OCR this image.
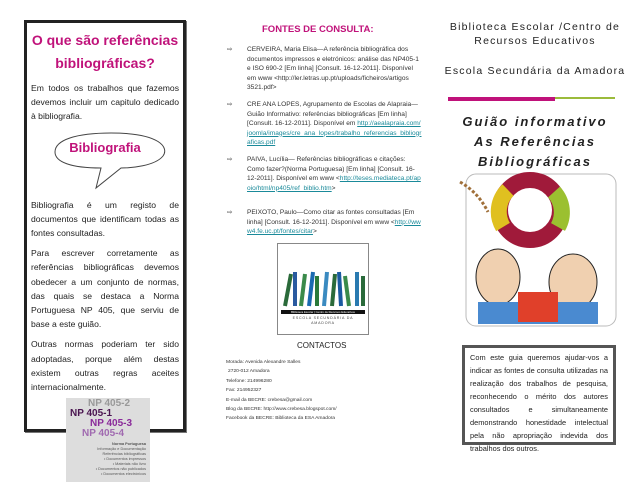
O que são referências bibliográficas?

Em todos os trabalhos que fazemos devemos incluir um capitulo dedicado à bibliografia.

Bibliografia

Bibliografia é um registo de documentos que identificam todas as fontes consultadas.

Para escrever corretamente as referências bibliográficas devemos obedecer a um conjunto de normas, das quais se destaca a Norma Portuguesa NP 405, que serviu de base a este guião.

Outras normas poderiam ter sido adoptadas, porque além destas existem outras regras aceites internacionalmente.

NP 405-2
NP 405-1
NP 405-3
NP 405-4
Norma Portuguesa
Informação e Documentação
Referências bibliográficas
• Documentos impressos
• Materiais não livro
• Documentos não publicados
• Documentos electrónicos
FONTES DE CONSULTA:
⇨ CERVEIRA, Maria Elisa—A referência bibliográfica dos documentos impressos e eletrónicos: análise das NP405-1 e ISO 690-2 [Em linha] [Consult. 16-12-2011]. Disponível em www <http://ler.letras.up.pt/uploads/ficheiros/artigos 3521.pdf>
⇨ CRE ANA LOPES, Agrupamento de Escolas de Alapraia— Guião Informativo: referências bibliográficas [Em linha] [Consult. 16-12-2011]. Disponível em http://aealapraia.com/joomla/images/cre_ana_lopes/trabalho_referencias_bibliograficas.pdf
⇨ PAIVA, Lucília— Referências bibliográficas e citações: Como fazer?(Norma Portuguesa) [Em linha] [Consult. 16-12-2011]. Disponível em www <http://teses.mediateca.pt/apoio/html/np405/ref_biblio.htm>
⇨ PEIXOTO, Paulo—Como citar as fontes consultadas [Em linha] [Consult. 16-12-2011]. Disponível em www <http://www4.fe.uc.pt/fontes/citar>
Biblioteca Escolar | Centro de Recursos Educativos
ESCOLA SECUNDÁRIA DA AMADORA
CONTACTOS
Morada: Avenida Alexandre Salles
2720-012 Amadora
Telefone: 214996280
Fax: 214952327
E-mail da BECRE: crebesa@gmail.com
Blog da BECRE: http://www.crebesa.blogspot.com/
Facebook da BECRE: Biblioteca da ESA Amadora
Biblioteca Escolar /Centro de Recursos Educativos
Escola Secundária da Amadora
Guião informativo
As Referências
Bibliográficas
Com este guia queremos ajudar-vos a indicar as fontes de consulta utilizadas na realização dos trabalhos de pesquisa, reconhecendo o mérito dos autores consultados e simultaneamente demonstrando honestidade intelectual pela não apropriação indevida dos trabalhos dos outros.
